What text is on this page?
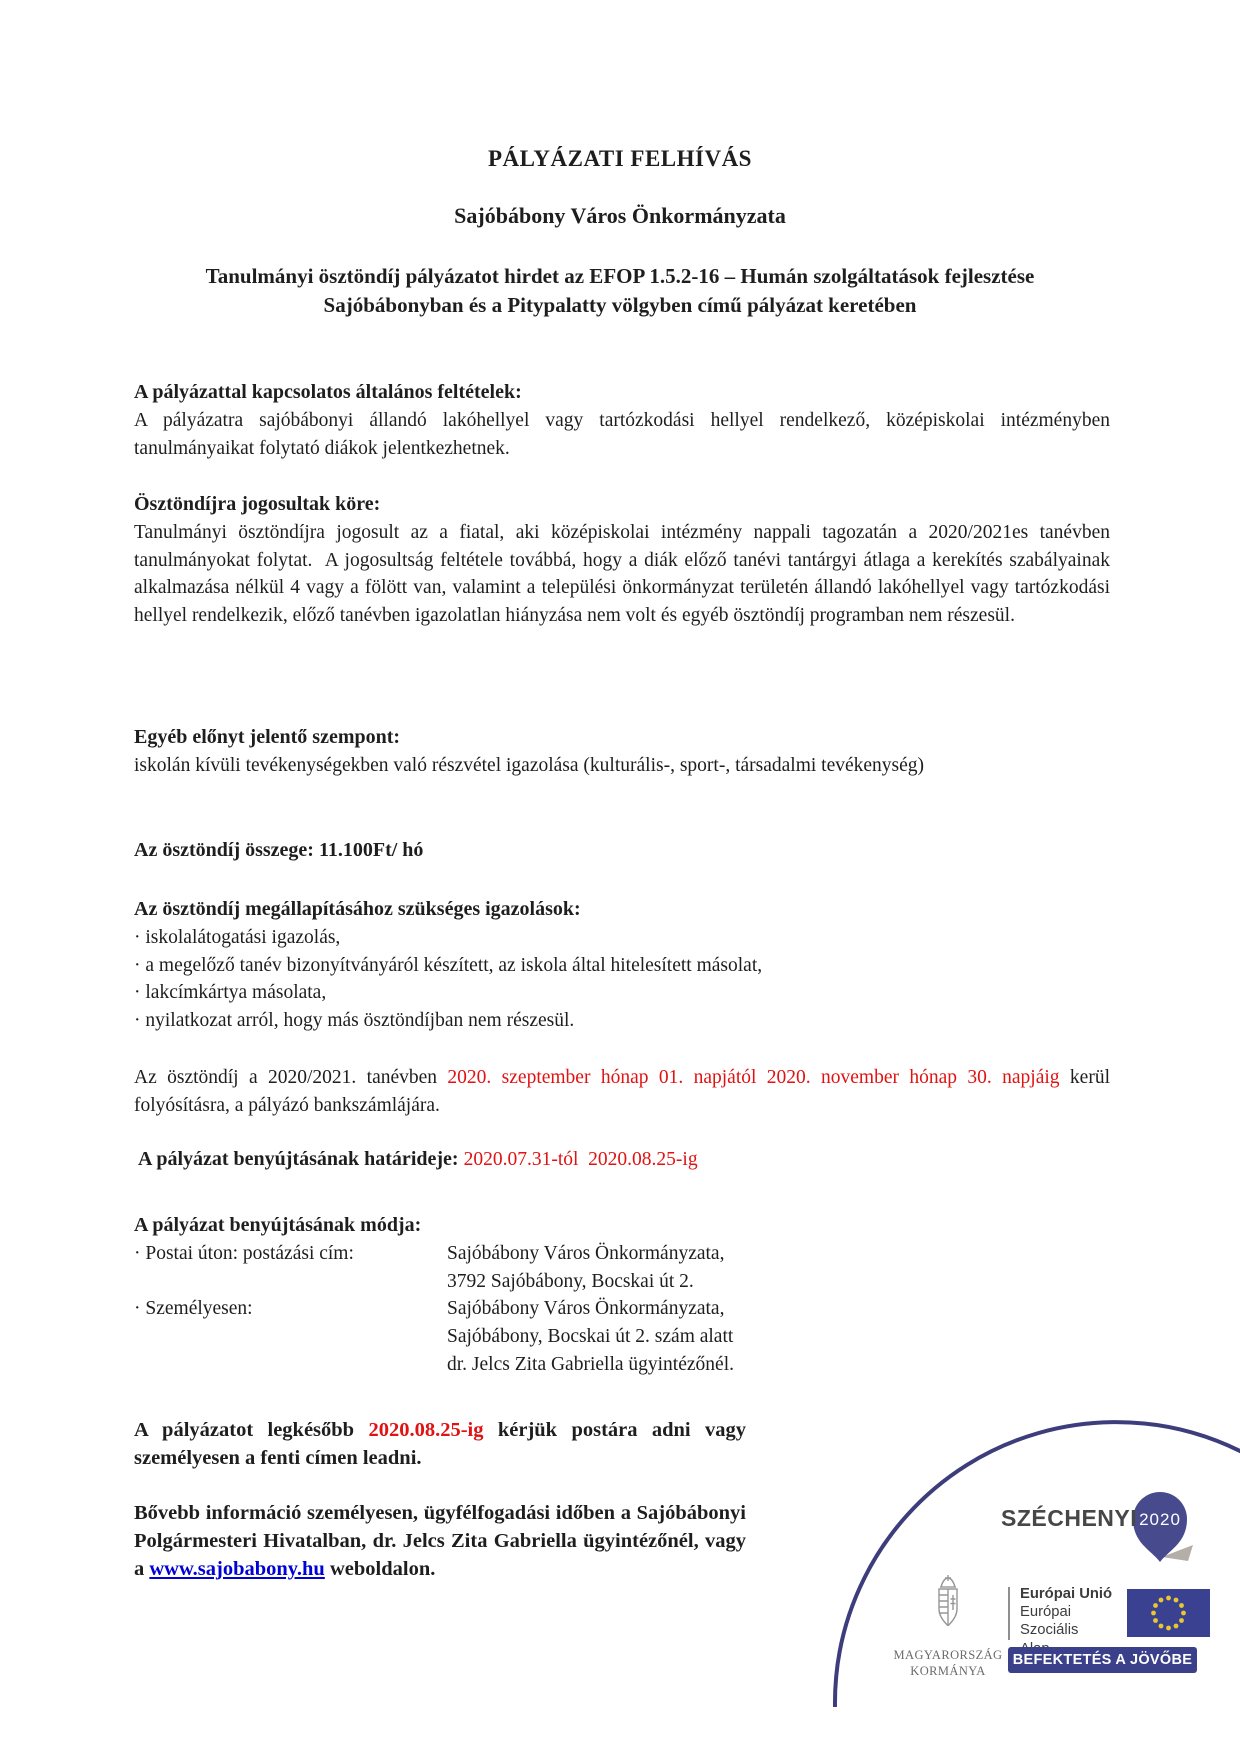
PÁLYÁZATI FELHÍVÁS
Sajóbábony Város Önkormányzata
Tanulmányi ösztöndíj pályázatot hirdet az EFOP 1.5.2-16 – Humán szolgáltatások fejlesztése Sajóbábonyban és a Pitypalatty völgyben című pályázat keretében
A pályázattal kapcsolatos általános feltételek:
A pályázatra sajóbábonyi állandó lakóhellyel vagy tartózkodási hellyel rendelkező, középiskolai intézményben tanulmányaikat folytató diákok jelentkezhetnek.
Ösztöndíjra jogosultak köre:
Tanulmányi ösztöndíjra jogosult az a fiatal, aki középiskolai intézmény nappali tagozatán a 2020/2021es tanévben tanulmányokat folytat.  A jogosultság feltétele továbbá, hogy a diák előző tanévi tantárgyi átlaga a kerekítés szabályainak alkalmazása nélkül 4 vagy a fölött van, valamint a települési önkormányzat területén állandó lakóhellyel vagy tartózkodási hellyel rendelkezik, előző tanévben igazolatlan hiányzása nem volt és egyéb ösztöndíj programban nem részesül.
Egyéb előnyt jelentő szempont:
iskolán kívüli tevékenységekben való részvétel igazolása (kulturális-, sport-, társadalmi tevékenység)
Az ösztöndíj összege: 11.100Ft/ hó
Az ösztöndíj megállapításához szükséges igazolások:
· iskolalátogatási igazolás,
· a megelőző tanév bizonyítványáról készített, az iskola által hitelesített másolat,
· lakcímkártya másolata,
· nyilatkozat arról, hogy más ösztöndíjban nem részesül.
Az ösztöndíj a 2020/2021. tanévben 2020. szeptember hónap 01. napjától 2020. november hónap 30. napjáig kerül folyósításra, a pályázó bankszámlájára.
A pályázat benyújtásának határideje: 2020.07.31-tól  2020.08.25-ig
A pályázat benyújtásának módja:
· Postai úton: postázási cím:	Sajóbábony Város Önkormányzata,
3792 Sajóbábony, Bocskai út 2.
· Személyesen:	Sajóbábony Város Önkormányzata,
Sajóbábony, Bocskai út 2. szám alatt
dr. Jelcs Zita Gabriella ügyintézőnél.
A pályázatot legkésőbb 2020.08.25-ig kérjük postára adni vagy személyesen a fenti címen leadni.
Bővebb információ személyesen, ügyfélfogadási időben a Sajóbábonyi Polgármesteri Hivatalban, dr. Jelcs Zita Gabriella ügyintézőnél, vagy a www.sajobabony.hu weboldalon.
SZÉCHENYI 2020
MAGYARORSZÁG
KORMÁNYA
Európai Unió
Európai Szociális
BEFEKTETÉS A JÖVŐBE
